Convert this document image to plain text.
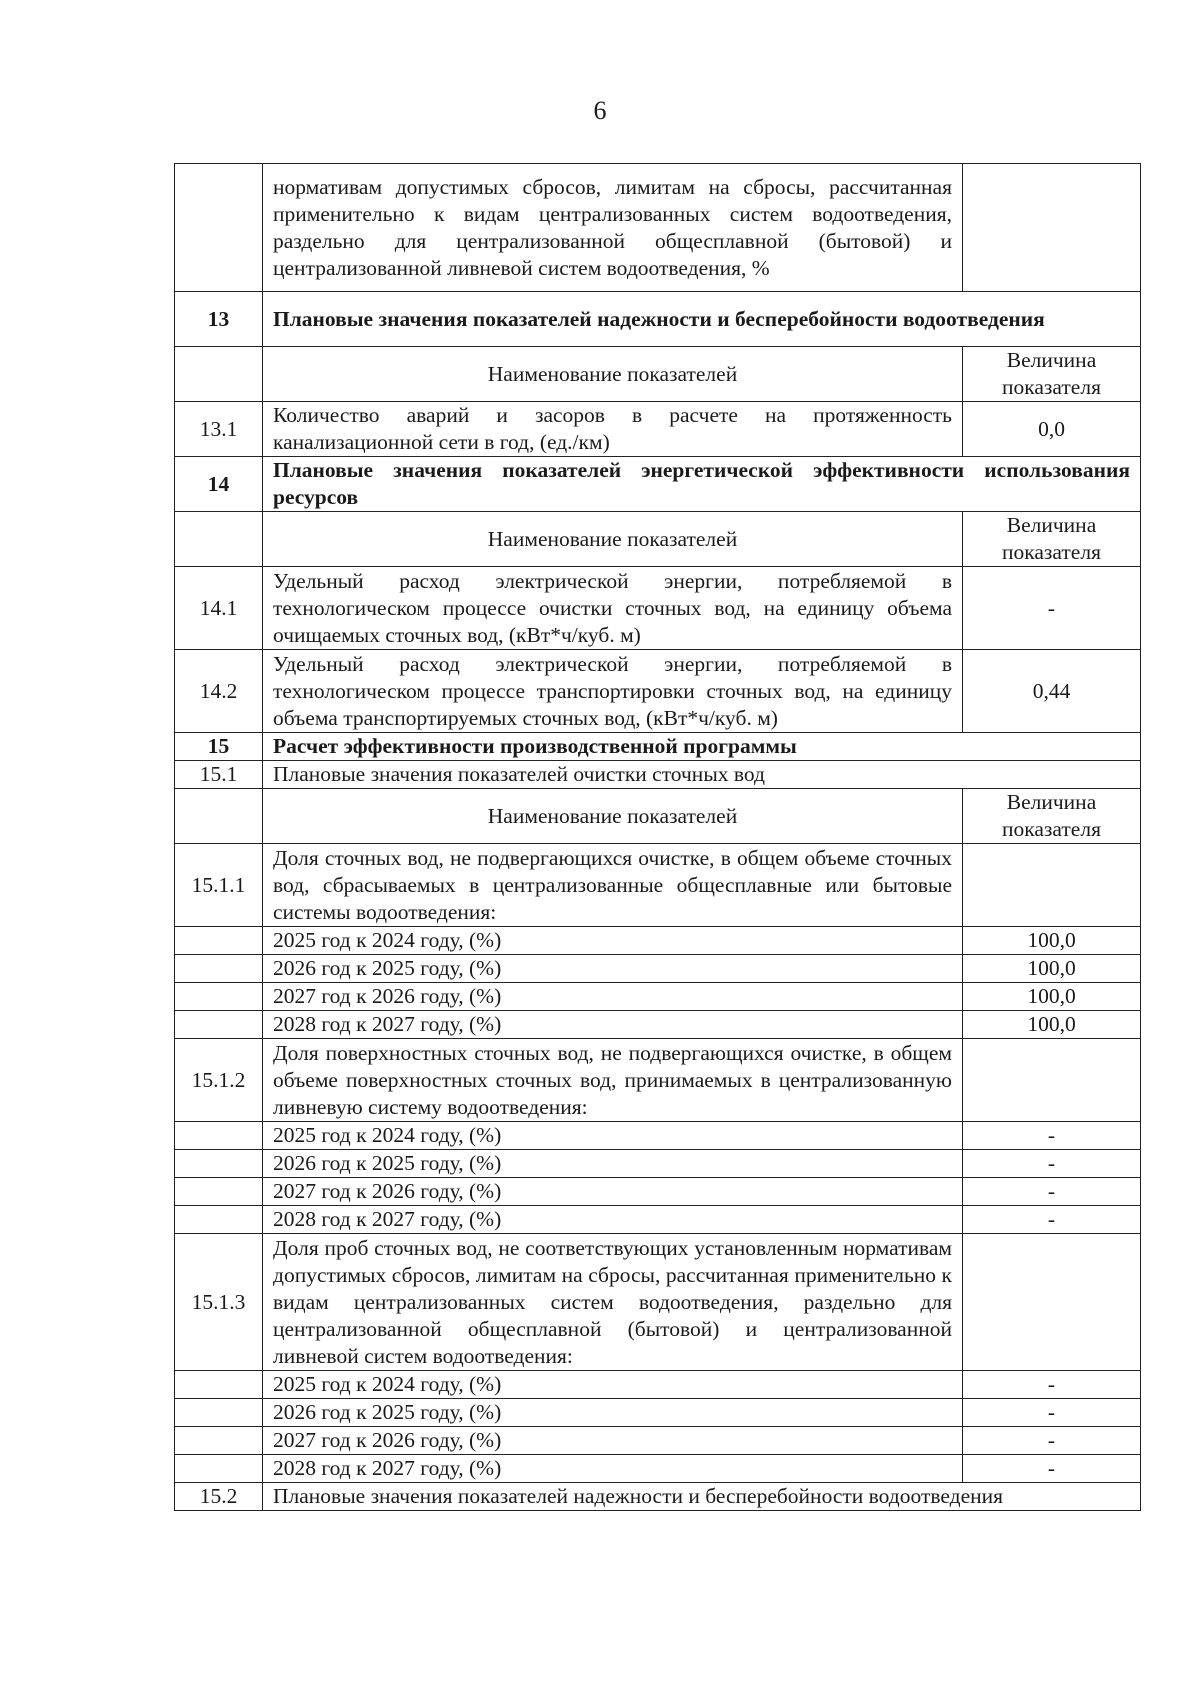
6
	нормативам допустимых сбросов, лимитам на сбросы, рассчитанная применительно к видам централизованных систем водоотведения, раздельно для централизованной общесплавной (бытовой) и централизованной ливневой систем водоотведения, %	
13	Плановые значения показателей надежности и бесперебойности водоотведения	
	Наименование показателей	Величина показателя
13.1	Количество аварий и засоров в расчете на протяженность канализационной сети в год, (ед./км)	0,0
14	Плановые значения показателей энергетической эффективности использования ресурсов	
	Наименование показателей	Величина показателя
14.1	Удельный расход электрической энергии, потребляемой в технологическом процессе очистки сточных вод, на единицу объема очищаемых сточных вод, (кВт*ч/куб. м)	-
14.2	Удельный расход электрической энергии, потребляемой в технологическом процессе транспортировки сточных вод, на единицу объема транспортируемых сточных вод, (кВт*ч/куб. м)	0,44
15	Расчет эффективности производственной программы	
15.1	Плановые значения показателей очистки сточных вод	
	Наименование показателей	Величина показателя
15.1.1	Доля сточных вод, не подвергающихся очистке, в общем объеме сточных вод, сбрасываемых в централизованные общесплавные или бытовые системы водоотведения:	
	2025 год к 2024 году, (%)	100,0
	2026 год к 2025 году, (%)	100,0
	2027 год к 2026 году, (%)	100,0
	2028 год к 2027 году, (%)	100,0
15.1.2	Доля поверхностных сточных вод, не подвергающихся очистке, в общем объеме поверхностных сточных вод, принимаемых в централизованную ливневую систему водоотведения:	
	2025 год к 2024 году, (%)	-
	2026 год к 2025 году, (%)	-
	2027 год к 2026 году, (%)	-
	2028 год к 2027 году, (%)	-
15.1.3	Доля проб сточных вод, не соответствующих установленным нормативам допустимых сбросов, лимитам на сбросы, рассчитанная применительно к видам централизованных систем водоотведения, раздельно для централизованной общесплавной (бытовой) и централизованной ливневой систем водоотведения:	
	2025 год к 2024 году, (%)	-
	2026 год к 2025 году, (%)	-
	2027 год к 2026 году, (%)	-
	2028 год к 2027 году, (%)	-
15.2	Плановые значения показателей надежности и бесперебойности водоотведения	
